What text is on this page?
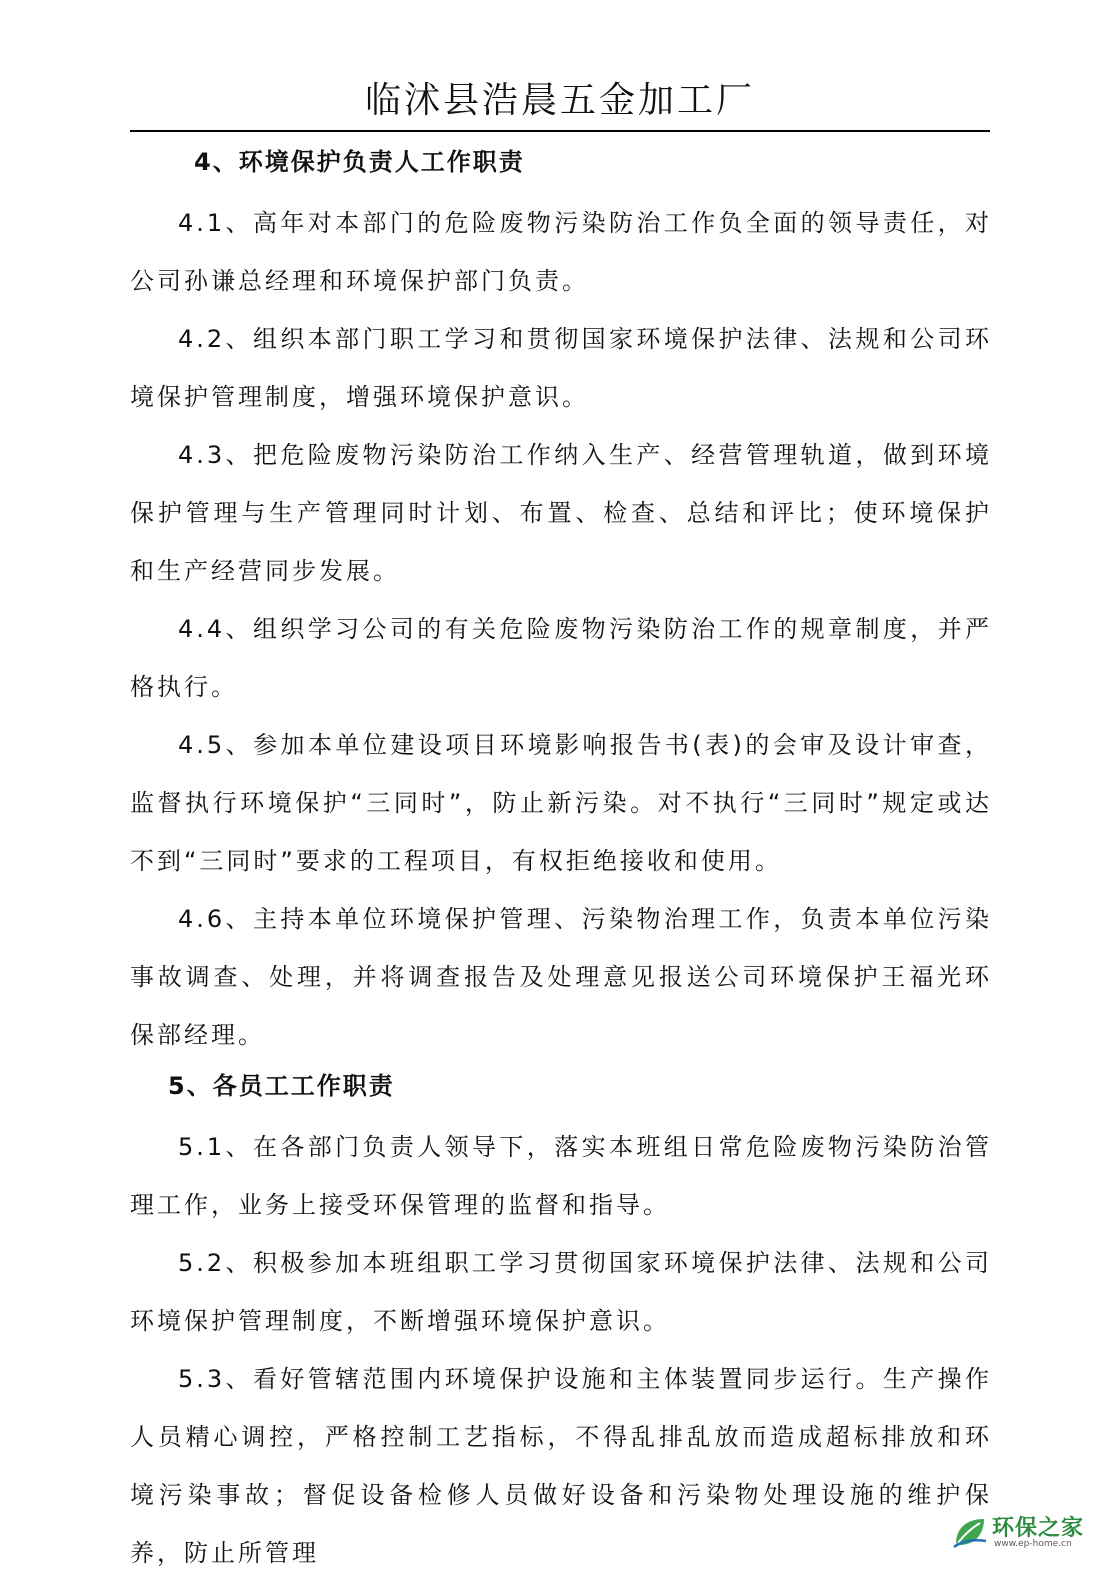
临沭县浩晨五金加工厂
4、环境保护负责人工作职责

4.1、高年对本部门的危险废物污染防治工作负全面的领导责任，对公司孙谦总经理和环境保护部门负责。

4.2、组织本部门职工学习和贯彻国家环境保护法律、法规和公司环境保护管理制度，增强环境保护意识。

4.3、把危险废物污染防治工作纳入生产、经营管理轨道，做到环境保护管理与生产管理同时计划、布置、检查、总结和评比；使环境保护和生产经营同步发展。

4.4、组织学习公司的有关危险废物污染防治工作的规章制度，并严格执行。

4.5、参加本单位建设项目环境影响报告书(表)的会审及设计审查，监督执行环境保护“三同时”，防止新污染。对不执行“三同时”规定或达不到“三同时”要求的工程项目，有权拒绝接收和使用。

4.6、主持本单位环境保护管理、污染物治理工作，负责本单位污染事故调查、处理，并将调查报告及处理意见报送公司环境保护王福光环保部经理。

5、各员工工作职责

5.1、在各部门负责人领导下，落实本班组日常危险废物污染防治管理工作，业务上接受环保管理的监督和指导。

5.2、积极参加本班组职工学习贯彻国家环境保护法律、法规和公司环境保护管理制度，不断增强环境保护意识。

5.3、看好管辖范围内环境保护设施和主体装置同步运行。生产操作人员精心调控，严格控制工艺指标，不得乱排乱放而造成超标排放和环境污染事故；督促设备检修人员做好设备和污染物处理设施的维护保养，防止所管理

环保之家
www.ep-home.cn
